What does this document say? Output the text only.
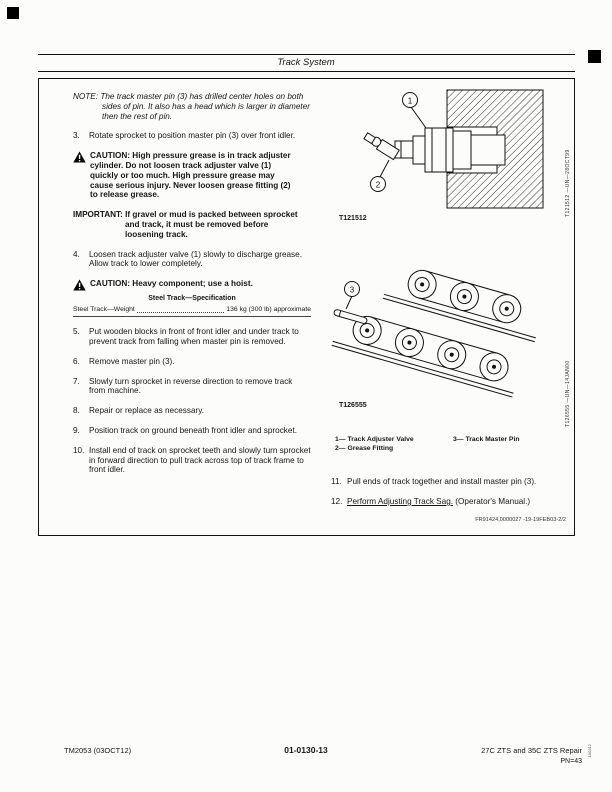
Track System

NOTE: The track master pin (3) has drilled center holes on both sides of pin. It also has a head which is larger in diameter then the rest of pin.

3.	Rotate sprocket to position master pin (3) over front idler.

CAUTION: High pressure grease is in track adjuster cylinder. Do not loosen track adjuster valve (1) quickly or too much. High pressure grease may cause serious injury. Never loosen grease fitting (2) to release grease.

IMPORTANT: If gravel or mud is packed between sprocket and track, it must be removed before loosening track.

4.	Loosen track adjuster valve (1) slowly to discharge grease. Allow track to lower completely.

CAUTION: Heavy component; use a hoist.

Steel Track—Specification
Steel Track—Weight	136 kg (300 lb) approximate
5.	Put wooden blocks in front of front idler and under track to prevent track from falling when master pin is removed.
6.	Remove master pin (3).
7.	Slowly turn sprocket in reverse direction to remove track from machine.
8.	Repair or replace as necessary.
9.	Position track on ground beneath front idler and sprocket.
10. Install end of track on sprocket teeth and slowly turn sprocket in forward direction to pull track across top of track frame to front idler.
1
2
T121512
T121512 —UN—28OCT99
3
T126555	T126555 —UN—14JAN00
1— Track Adjuster Valve
2— Grease Fitting
3— Track Master Pin
11. Pull ends of track together and install master pin (3).
12. Perform Adjusting Track Sag. (Operator's Manual.)
FR91424,0000027 -19-19FEB03-2/2
TM2053 (03OCT12)	01-0130-13	27C ZTS and 35C ZTS Repair
PN=43
100312
